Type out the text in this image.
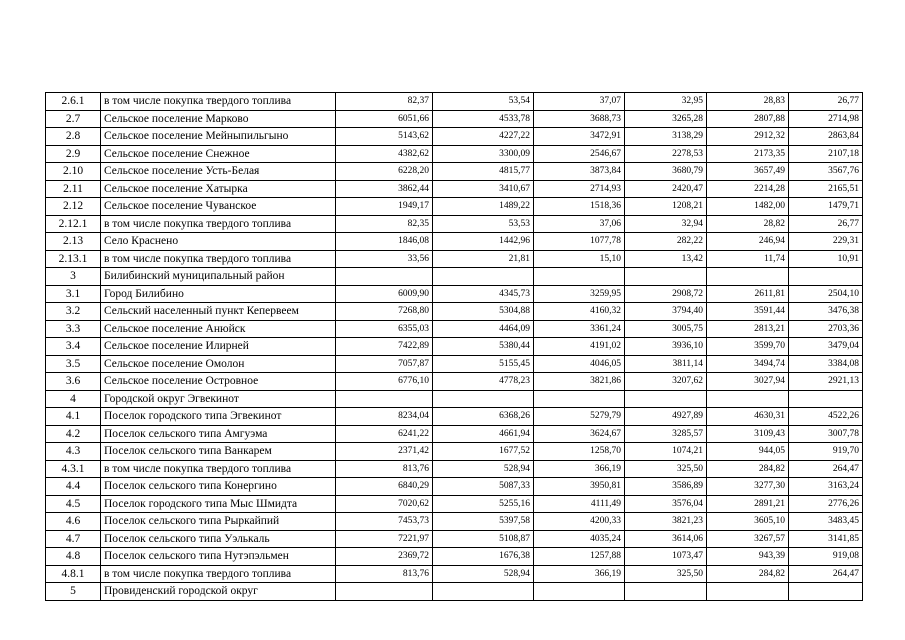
2.6.1	в том числе покупка твердого топлива	82,37	53,54	37,07	32,95	28,83	26,77
2.7	Сельское поселение Марково	6051,66	4533,78	3688,73	3265,28	2807,88	2714,98
2.8	Сельское поселение Мейныпильгыно	5143,62	4227,22	3472,91	3138,29	2912,32	2863,84
2.9	Сельское поселение Снежное	4382,62	3300,09	2546,67	2278,53	2173,35	2107,18
2.10	Сельское поселение Усть-Белая	6228,20	4815,77	3873,84	3680,79	3657,49	3567,76
2.11	Сельское поселение Хатырка	3862,44	3410,67	2714,93	2420,47	2214,28	2165,51
2.12	Сельское поселение Чуванское	1949,17	1489,22	1518,36	1208,21	1482,00	1479,71
2.12.1	в том числе покупка твердого топлива	82,35	53,53	37,06	32,94	28,82	26,77
2.13	Село Краснено	1846,08	1442,96	1077,78	282,22	246,94	229,31
2.13.1	в том числе покупка твердого топлива	33,56	21,81	15,10	13,42	11,74	10,91
3	Билибинский муниципальный район						
3.1	Город Билибино	6009,90	4345,73	3259,95	2908,72	2611,81	2504,10
3.2	Сельский населенный пункт Кепервеем	7268,80	5304,88	4160,32	3794,40	3591,44	3476,38
3.3	Сельское поселение Анюйск	6355,03	4464,09	3361,24	3005,75	2813,21	2703,36
3.4	Сельское поселение Илирней	7422,89	5380,44	4191,02	3936,10	3599,70	3479,04
3.5	Сельское поселение Омолон	7057,87	5155,45	4046,05	3811,14	3494,74	3384,08
3.6	Сельское поселение Островное	6776,10	4778,23	3821,86	3207,62	3027,94	2921,13
4	Городской округ Эгвекинот						
4.1	Поселок городского типа Эгвекинот	8234,04	6368,26	5279,79	4927,89	4630,31	4522,26
4.2	Поселок сельского типа Амгуэма	6241,22	4661,94	3624,67	3285,57	3109,43	3007,78
4.3	Поселок сельского типа Ванкарем	2371,42	1677,52	1258,70	1074,21	944,05	919,70
4.3.1	в том числе покупка твердого топлива	813,76	528,94	366,19	325,50	284,82	264,47
4.4	Поселок сельского типа Конергино	6840,29	5087,33	3950,81	3586,89	3277,30	3163,24
4.5	Поселок городского типа Мыс Шмидта	7020,62	5255,16	4111,49	3576,04	2891,21	2776,26
4.6	Поселок сельского типа Рыркайпий	7453,73	5397,58	4200,33	3821,23	3605,10	3483,45
4.7	Поселок сельского типа Уэлькаль	7221,97	5108,87	4035,24	3614,06	3267,57	3141,85
4.8	Поселок сельского типа Нутэпэльмен	2369,72	1676,38	1257,88	1073,47	943,39	919,08
4.8.1	в том числе покупка твердого топлива	813,76	528,94	366,19	325,50	284,82	264,47
5	Провиденский городской округ						
